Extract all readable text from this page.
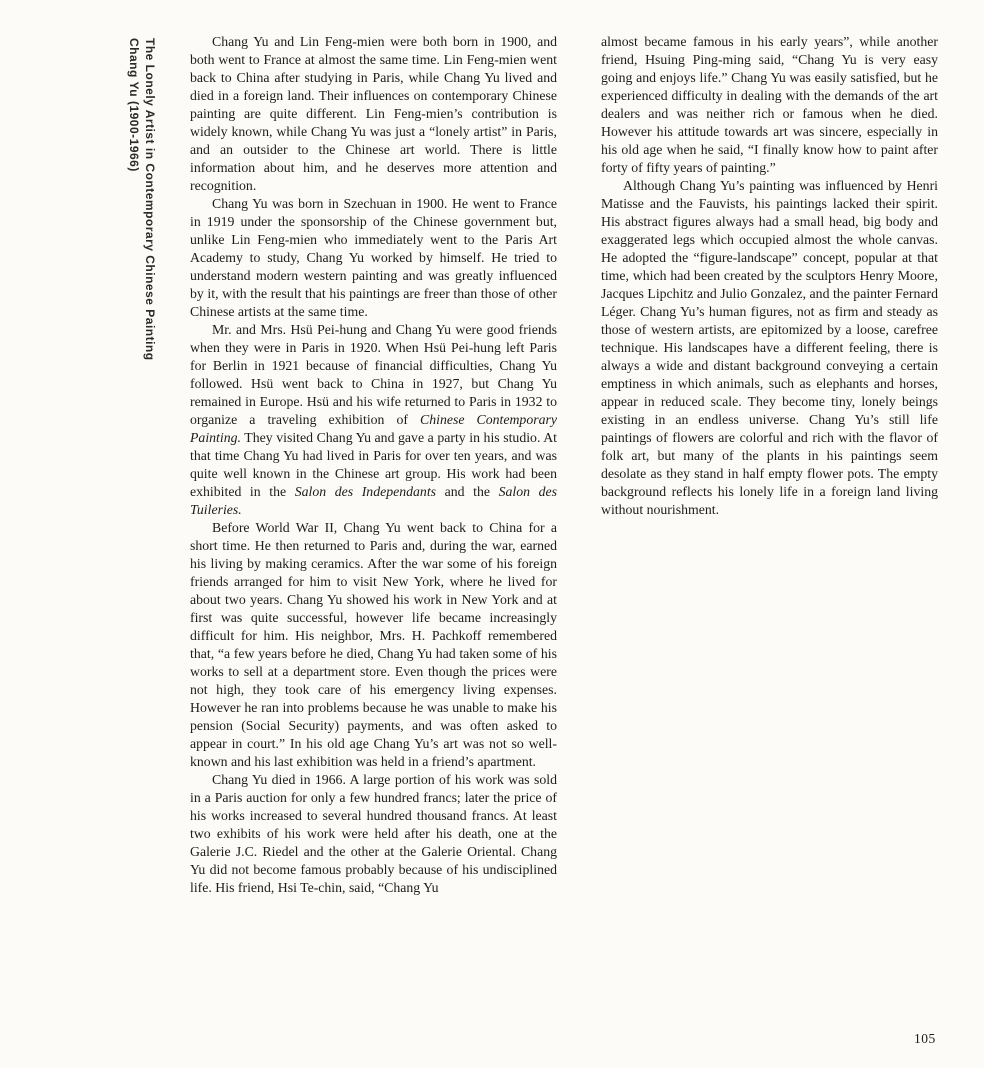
Chang Yu (1900-1966) The Lonely Artist in Contemporary Chinese Painting	Chang Yu and Lin Feng-mien were both born in 1900, and both went to France at almost the same time. Lin Feng-mien went back to China after studying in Paris, while Chang Yu lived and died in a foreign land. Their influences on contemporary Chinese painting are quite different. Lin Feng-mien’s contribution is widely known, while Chang Yu was just a “lonely artist” in Paris, and an outsider to the Chinese art world. There is little information about him, and he deserves more attention and recognition.

Chang Yu was born in Szechuan in 1900. He went to France in 1919 under the sponsorship of the Chinese government but, unlike Lin Feng-mien who immediately went to the Paris Art Academy to study, Chang Yu worked by himself. He tried to understand modern western painting and was greatly influenced by it, with the result that his paintings are freer than those of other Chinese artists at the same time.

Mr. and Mrs. Hsü Pei-hung and Chang Yu were good friends when they were in Paris in 1920. When Hsü Pei-hung left Paris for Berlin in 1921 because of financial difficulties, Chang Yu followed. Hsü went back to China in 1927, but Chang Yu remained in Europe. Hsü and his wife returned to Paris in 1932 to organize a traveling exhibition of Chinese Contemporary Painting. They visited Chang Yu and gave a party in his studio. At that time Chang Yu had lived in Paris for over ten years, and was quite well known in the Chinese art group. His work had been exhibited in the Salon des Independants and the Salon des Tuileries.

Before World War II, Chang Yu went back to China for a short time. He then returned to Paris and, during the war, earned his living by making ceramics. After the war some of his foreign friends arranged for him to visit New York, where he lived for about two years. Chang Yu showed his work in New York and at first was quite successful, however life became increasingly difficult for him. His neighbor, Mrs. H. Pachkoff remembered that, “a few years before he died, Chang Yu had taken some of his works to sell at a department store. Even though the prices were not high, they took care of his emergency living expenses. However he ran into problems because he was unable to make his pension (Social Security) payments, and was often asked to appear in court.” In his old age Chang Yu’s art was not so well-known and his last exhibition was held in a friend’s apartment.

Chang Yu died in 1966. A large portion of his work was sold in a Paris auction for only a few hundred francs; later the price of his works increased to several hundred thousand francs. At least two exhibits of his work were held after his death, one at the Galerie J.C. Riedel and the other at the Galerie Oriental. Chang Yu did not become famous probably because of his undisciplined life. His friend, Hsi Te-chin, said, “Chang Yu

almost became famous in his early years”, while another friend, Hsuing Ping-ming said, “Chang Yu is very easy going and enjoys life.” Chang Yu was easily satisfied, but he experienced difficulty in dealing with the demands of the art dealers and was neither rich or famous when he died. However his attitude towards art was sincere, especially in his old age when he said, “I finally know how to paint after forty of fifty years of painting.”

Although Chang Yu’s painting was influenced by Henri Matisse and the Fauvists, his paintings lacked their spirit. His abstract figures always had a small head, big body and exaggerated legs which occupied almost the whole canvas. He adopted the “figure-landscape” concept, popular at that time, which had been created by the sculptors Henry Moore, Jacques Lipchitz and Julio Gonzalez, and the painter Fernard Léger. Chang Yu’s human figures, not as firm and steady as those of western artists, are epitomized by a loose, carefree technique. His landscapes have a different feeling, there is always a wide and distant background conveying a certain emptiness in which animals, such as elephants and horses, appear in reduced scale. They become tiny, lonely beings existing in an endless universe. Chang Yu’s still life paintings of flowers are colorful and rich with the flavor of folk art, but many of the plants in his paintings seem desolate as they stand in half empty flower pots. The empty background reflects his lonely life in a foreign land living without nourishment.

105
